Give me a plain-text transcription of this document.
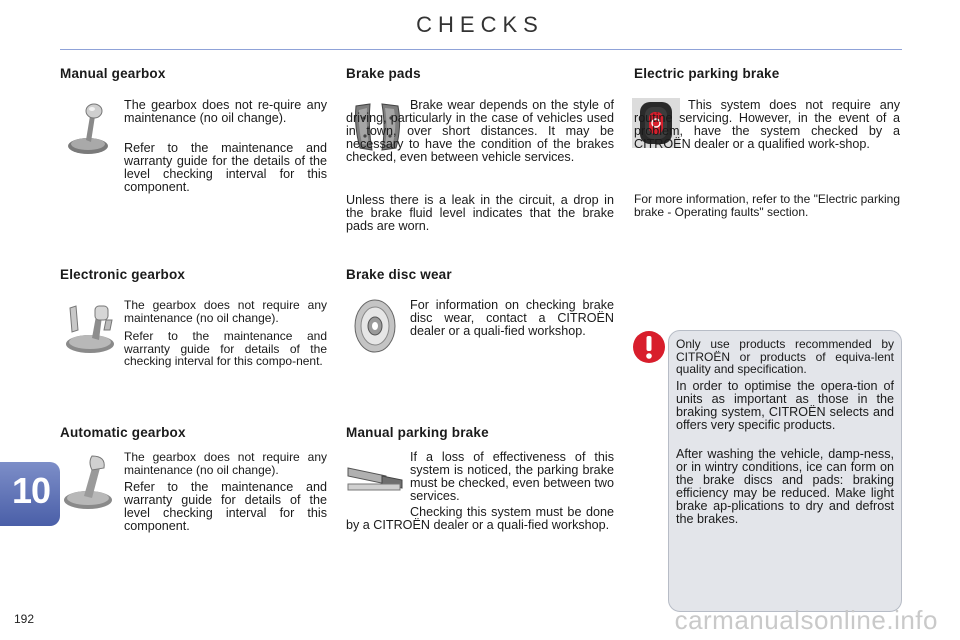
CHECKS
10
192
Manual gearbox

The gearbox does not re-quire any maintenance (no oil change).

Refer to the maintenance and warranty guide for the details of the level checking interval for this component.

Electronic gearbox

The gearbox does not require any maintenance (no oil change).

Refer to the maintenance and warranty guide for details of the checking interval for this compo-nent.

Automatic gearbox

The gearbox does not require any maintenance (no oil change).

Refer to the maintenance and warranty guide for details of the level checking interval for this component.

Brake pads

Brake wear depends on the style of driving, particularly in the case of vehicles used in town, over short distances. It may be necessary to have the condition of the brakes checked, even between vehicle services.

Unless there is a leak in the circuit, a drop in the brake fluid level indicates that the brake pads are worn.

Brake disc wear

For information on checking brake disc wear, contact a CITROËN dealer or a quali-fied workshop.

Manual parking brake

If a loss of effectiveness of this system is noticed, the parking brake must be checked, even between two services.

Checking this system must be done by a CITROËN dealer or a quali-fied workshop.

Electric parking brake

This system does not require any routine servicing. However, in the event of a problem, have the system checked by a CITROËN dealer or a qualified work-shop.

For more information, refer to the "Electric parking brake - Operating faults" section.

Only use products recommended by CITROËN or products of equiva-lent quality and specification.

In order to optimise the opera-tion of units as important as those in the braking system, CITROËN selects and offers very specific products.

After washing the vehicle, damp-ness, or in wintry conditions, ice can form on the brake discs and pads: braking efficiency may be reduced. Make light brake ap-plications to dry and defrost the brakes.

carmanualsonline.info
